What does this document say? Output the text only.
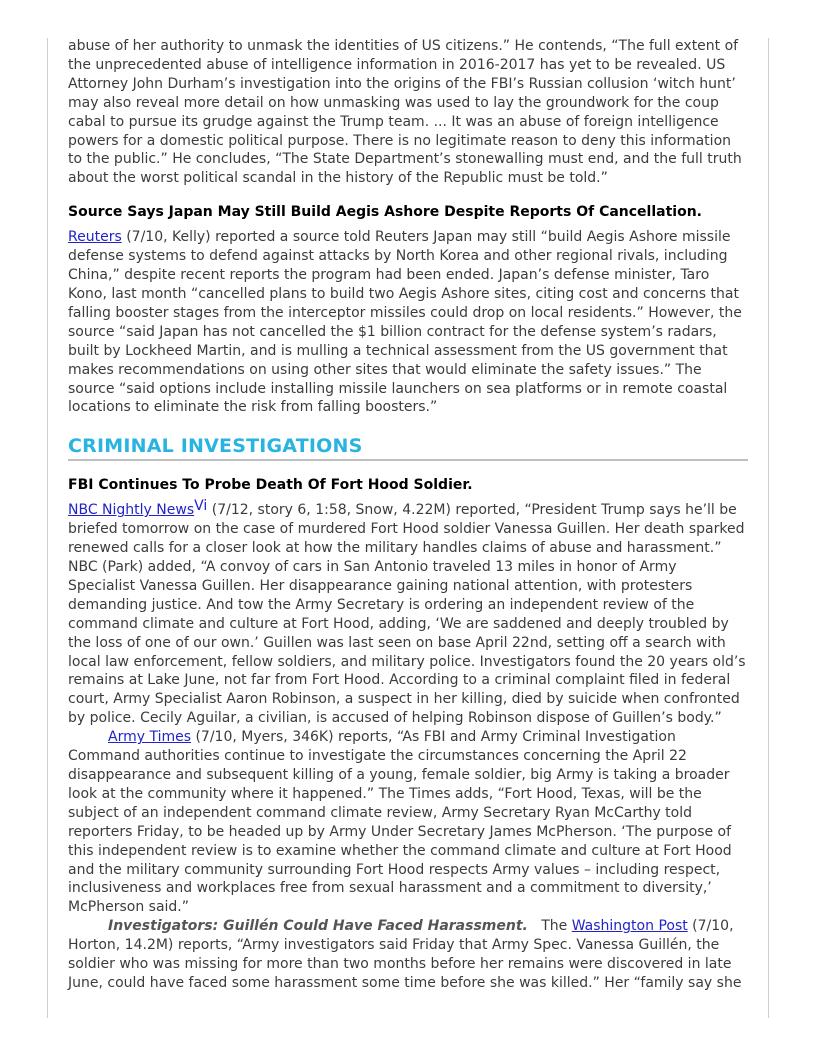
abuse of her authority to unmask the identities of US citizens.” He contends, “The full extent of the unprecedented abuse of intelligence information in 2016-2017 has yet to be revealed. US Attorney John Durham’s investigation into the origins of the FBI’s Russian collusion ‘witch hunt’ may also reveal more detail on how unmasking was used to lay the groundwork for the coup cabal to pursue its grudge against the Trump team. ... It was an abuse of foreign intelligence powers for a domestic political purpose. There is no legitimate reason to deny this information to the public.” He concludes, “The State Department’s stonewalling must end, and the full truth about the worst political scandal in the history of the Republic must be told.”

Source Says Japan May Still Build Aegis Ashore Despite Reports Of Cancellation.

Reuters (7/10, Kelly) reported a source told Reuters Japan may still “build Aegis Ashore missile defense systems to defend against attacks by North Korea and other regional rivals, including China,” despite recent reports the program had been ended. Japan’s defense minister, Taro Kono, last month “cancelled plans to build two Aegis Ashore sites, citing cost and concerns that falling booster stages from the interceptor missiles could drop on local residents.” However, the source “said Japan has not cancelled the $1 billion contract for the defense system’s radars, built by Lockheed Martin, and is mulling a technical assessment from the US government that makes recommendations on using other sites that would eliminate the safety issues.” The source “said options include installing missile launchers on sea platforms or in remote coastal locations to eliminate the risk from falling boosters.”

CRIMINAL INVESTIGATIONS
FBI Continues To Probe Death Of Fort Hood Soldier.

NBC Nightly News$^{Vi}$ (7/12, story 6, 1:58, Snow, 4.22M) reported, “President Trump says he’ll be briefed tomorrow on the case of murdered Fort Hood soldier Vanessa Guillen. Her death sparked renewed calls for a closer look at how the military handles claims of abuse and harassment.” NBC (Park) added, “A convoy of cars in San Antonio traveled 13 miles in honor of Army Specialist Vanessa Guillen. Her disappearance gaining national attention, with protesters demanding justice. And tow the Army Secretary is ordering an independent review of the command climate and culture at Fort Hood, adding, ‘We are saddened and deeply troubled by the loss of one of our own.’ Guillen was last seen on base April 22nd, setting off a search with local law enforcement, fellow soldiers, and military police. Investigators found the 20 years old’s remains at Lake June, not far from Fort Hood. According to a criminal complaint filed in federal court, Army Specialist Aaron Robinson, a suspect in her killing, died by suicide when confronted by police. Cecily Aguilar, a civilian, is accused of helping Robinson dispose of Guillen’s body.”

Army Times (7/10, Myers, 346K) reports, “As FBI and Army Criminal Investigation Command authorities continue to investigate the circumstances concerning the April 22 disappearance and subsequent killing of a young, female soldier, big Army is taking a broader look at the community where it happened.” The Times adds, “Fort Hood, Texas, will be the subject of an independent command climate review, Army Secretary Ryan McCarthy told reporters Friday, to be headed up by Army Under Secretary James McPherson. ‘The purpose of this independent review is to examine whether the command climate and culture at Fort Hood and the military community surrounding Fort Hood respects Army values – including respect, inclusiveness and workplaces free from sexual harassment and a commitment to diversity,’ McPherson said.”

Investigators: Guillén Could Have Faced Harassment. The Washington Post (7/10, Horton, 14.2M) reports, “Army investigators said Friday that Army Spec. Vanessa Guillén, the soldier who was missing for more than two months before her remains were discovered in late June, could have faced some harassment some time before she was killed.” Her “family say she
